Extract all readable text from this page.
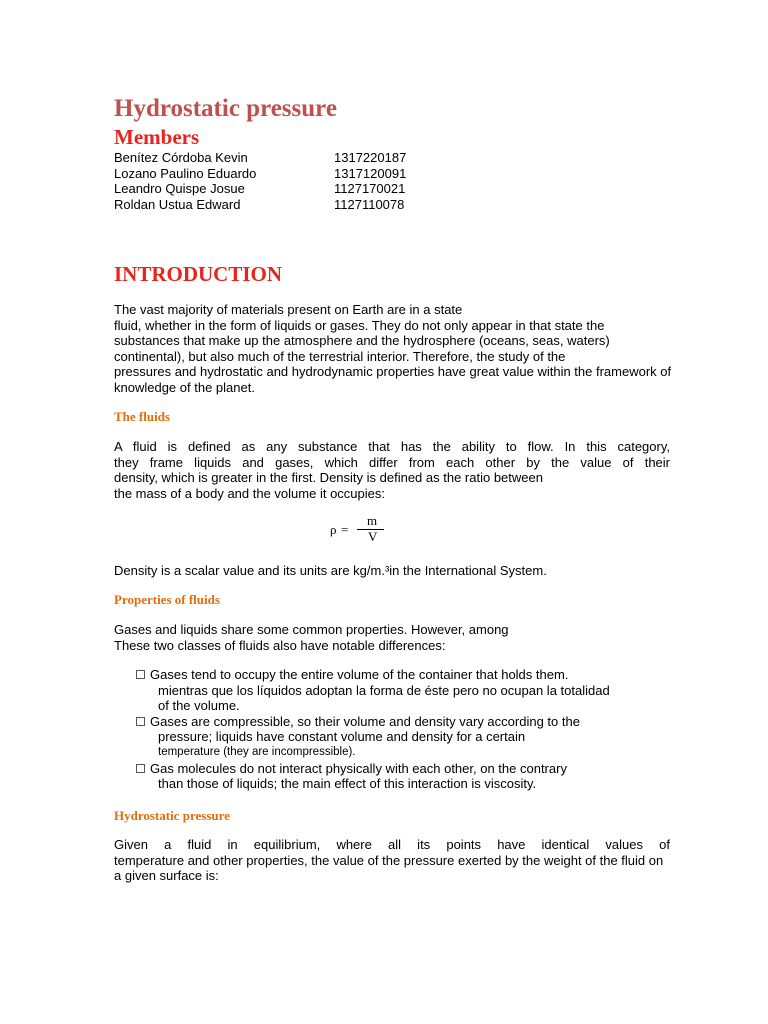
Hydrostatic pressure
Members
Benítez Córdoba Kevin	1317220187
Lozano Paulino Eduardo	1317120091
Leandro Quispe Josue	1127170021
Roldan Ustua Edward	1127110078
INTRODUCTION
The vast majority of materials present on Earth are in a state
fluid, whether in the form of liquids or gases. They do not only appear in that state the
substances that make up the atmosphere and the hydrosphere (oceans, seas, waters)
continental), but also much of the terrestrial interior. Therefore, the study of the
pressures and hydrostatic and hydrodynamic properties have great value within the framework of
knowledge of the planet.
The fluids
A fluid is defined as any substance that has the ability to flow. In this category,
they frame liquids and gases, which differ from each other by the value of their
density, which is greater in the first. Density is defined as the ratio between
the mass of a body and the volume it occupies:
ρ =
m
V
Density is a scalar value and its units are kg/m.³in the International System.
Properties of fluids
Gases and liquids share some common properties. However, among
These two classes of fluids also have notable differences:
Gases tend to occupy the entire volume of the container that holds them.
mientras que los líquidos adoptan la forma de éste pero no ocupan la totalidad
of the volume.
Gases are compressible, so their volume and density vary according to the
pressure; liquids have constant volume and density for a certain
temperature (they are incompressible).
Gas molecules do not interact physically with each other, on the contrary
than those of liquids; the main effect of this interaction is viscosity.
Hydrostatic pressure
Given a fluid in equilibrium, where all its points have identical values of
temperature and other properties, the value of the pressure exerted by the weight of the fluid on
a given surface is:
